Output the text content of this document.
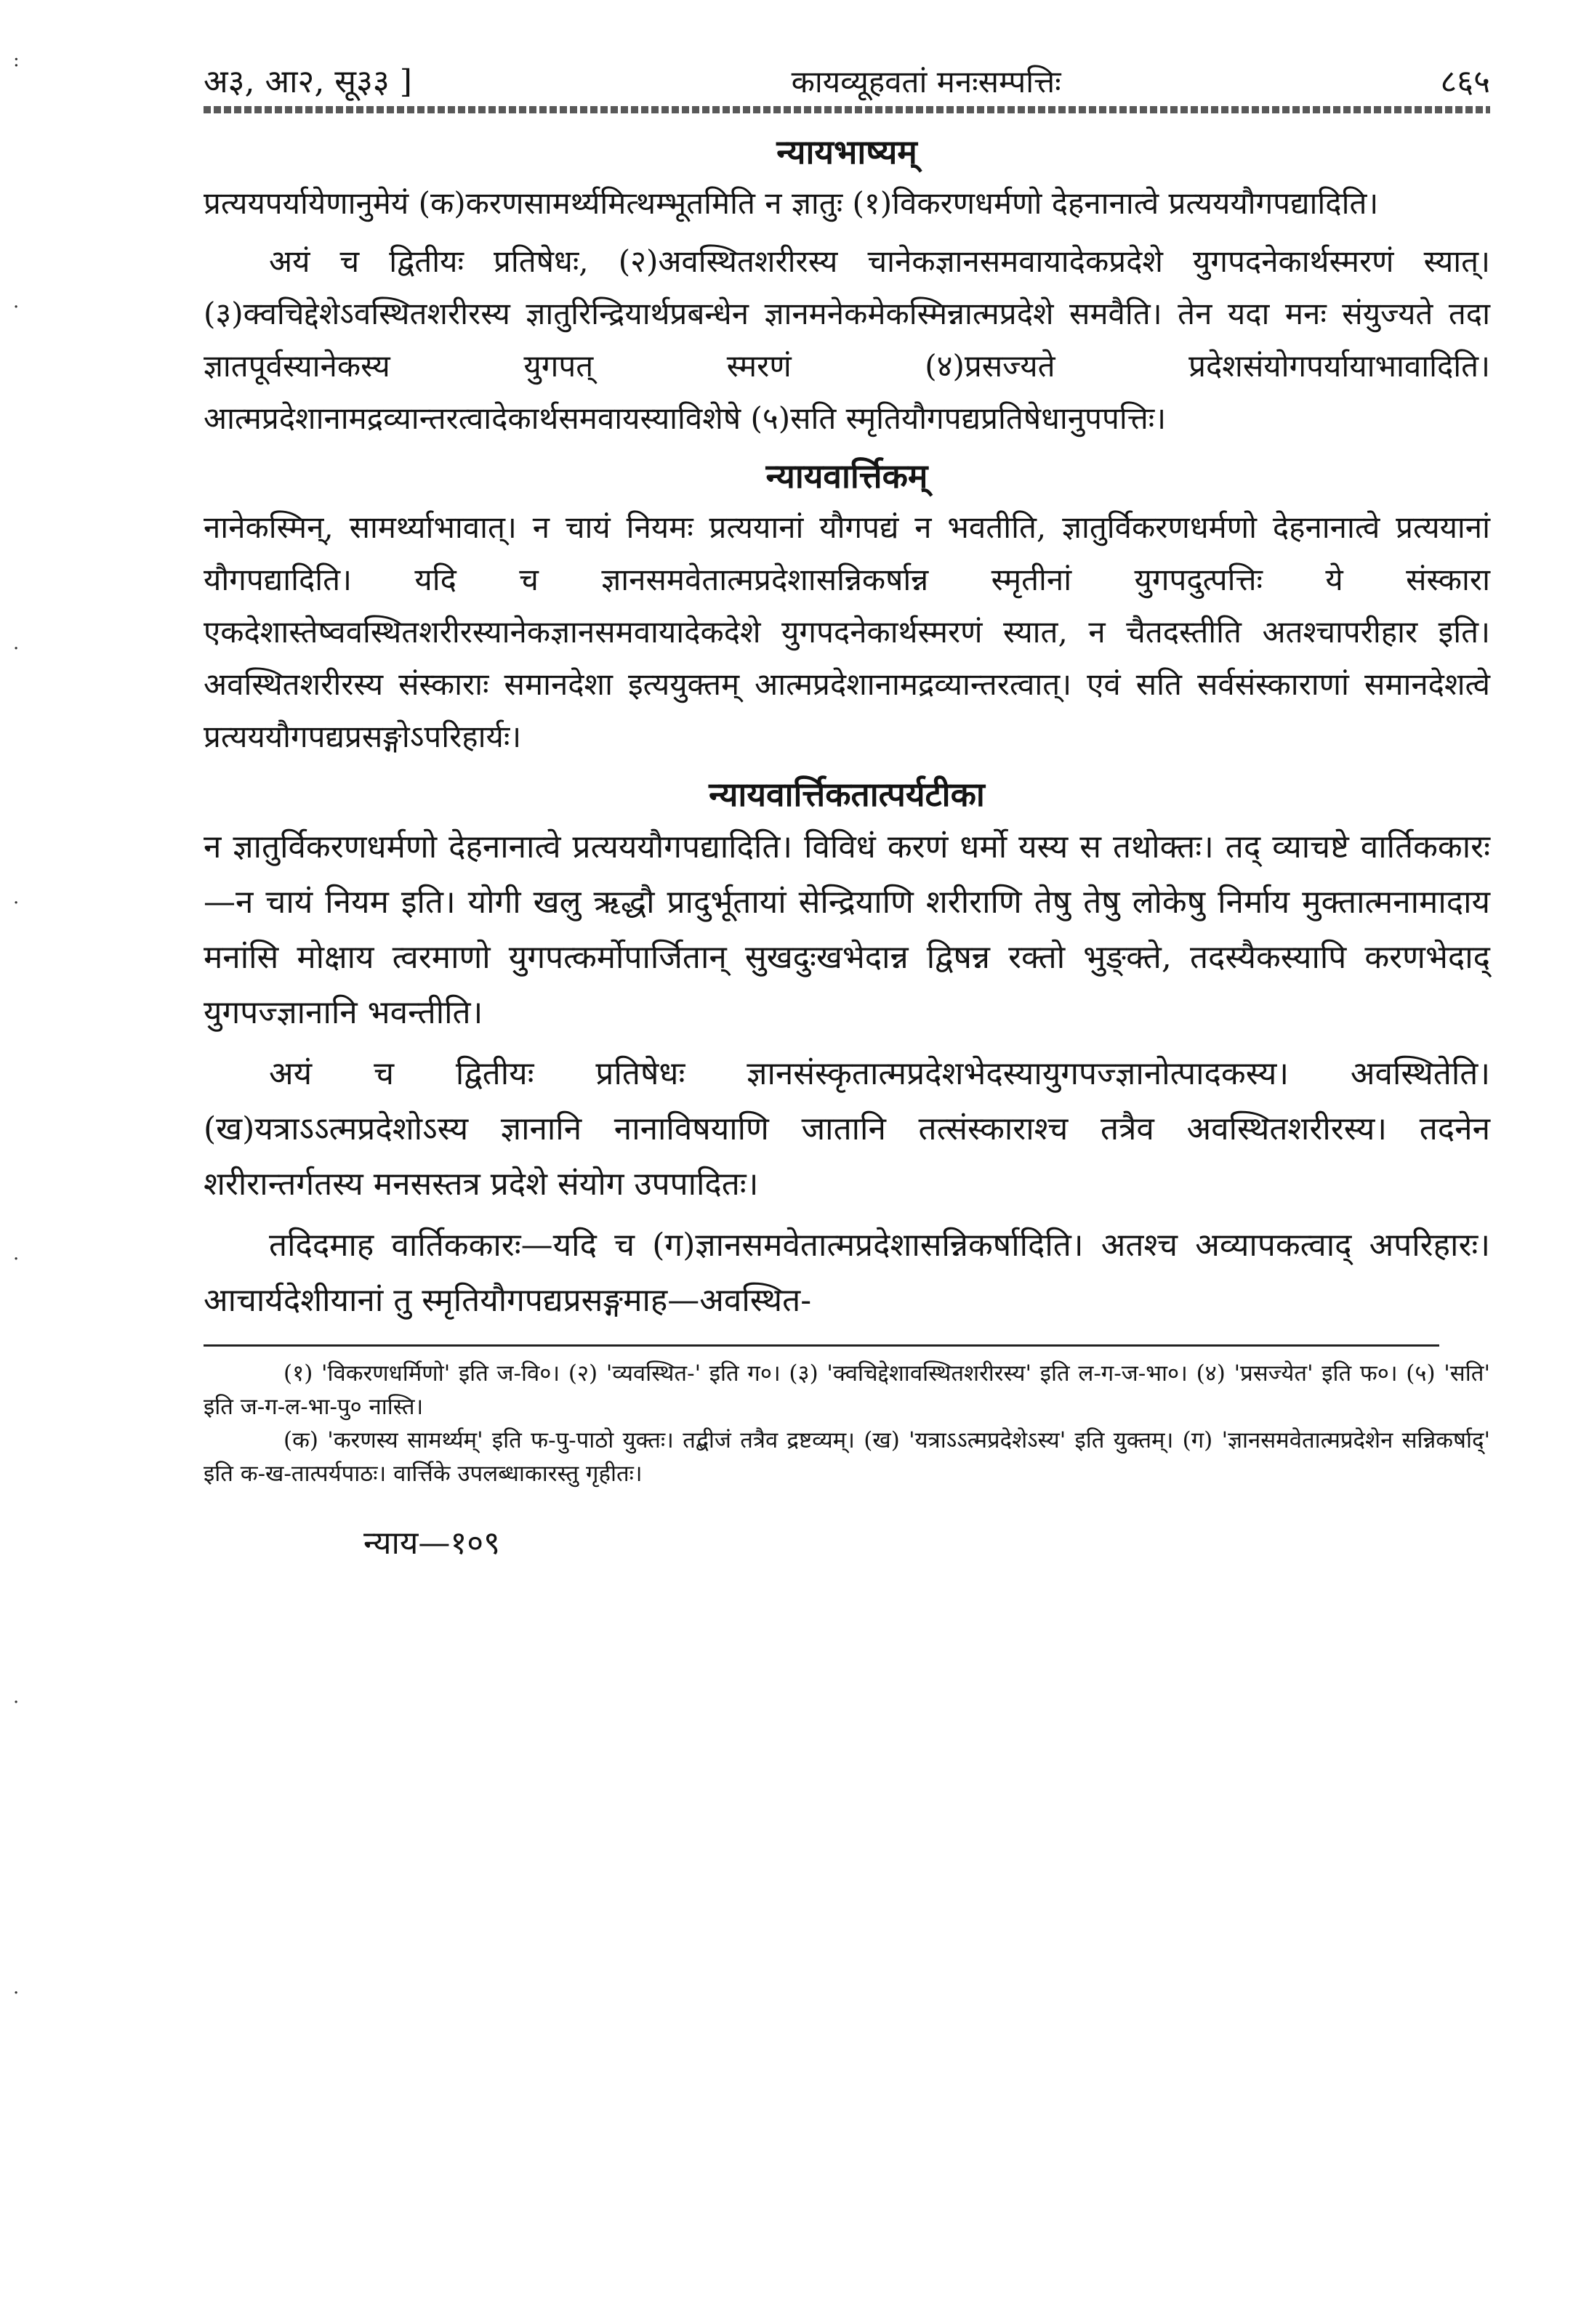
:
·
·
·
·
·
·
अ३, आ२, सू३३ ]	कायव्यूहवतां मनःसम्पत्तिः	८६५
न्यायभाष्यम्

प्रत्ययपर्यायेणानुमेयं (क)करणसामर्थ्यमित्थम्भूतमिति न ज्ञातुः (१)विकरणधर्मणो देहनानात्वे प्रत्यययौगपद्यादिति।

अयं च द्वितीयः प्रतिषेधः, (२)अवस्थितशरीरस्य चानेकज्ञानसमवायादेकप्रदेशे युगपदनेकार्थस्मरणं स्यात्। (३)क्वचिद्देशेऽवस्थितशरीरस्य ज्ञातुरिन्द्रियार्थप्रबन्धेन ज्ञानमनेकमेकस्मिन्नात्मप्रदेशे समवैति। तेन यदा मनः संयुज्यते तदा ज्ञातपूर्वस्यानेकस्य युगपत् स्मरणं (४)प्रसज्यते प्रदेशसंयोगपर्यायाभावादिति। आत्मप्रदेशानामद्रव्यान्तरत्वादेकार्थसमवायस्याविशेषे (५)सति स्मृतियौगपद्यप्रतिषेधानुपपत्तिः।

न्यायवार्त्तिकम्

नानेकस्मिन्, सामर्थ्याभावात्। न चायं नियमः प्रत्ययानां यौगपद्यं न भवतीति, ज्ञातुर्विकरणधर्मणो देहनानात्वे प्रत्ययानां यौगपद्यादिति। यदि च ज्ञानसमवेतात्मप्रदेशासन्निकर्षान्न स्मृतीनां युगपदुत्पत्तिः ये संस्कारा एकदेशास्तेष्ववस्थितशरीरस्यानेकज्ञानसमवायादेकदेशे युगपदनेकार्थस्मरणं स्यात, न चैतदस्तीति अतश्चापरीहार इति। अवस्थितशरीरस्य संस्काराः समानदेशा इत्ययुक्तम् आत्मप्रदेशानामद्रव्यान्तरत्वात्। एवं सति सर्वसंस्काराणां समानदेशत्वे प्रत्यययौगपद्यप्रसङ्गोऽपरिहार्यः।

न्यायवार्त्तिकतात्पर्यटीका

न ज्ञातुर्विकरणधर्मणो देहनानात्वे प्रत्यययौगपद्यादिति। विविधं करणं धर्मो यस्य स तथोक्तः। तद् व्याचष्टे वार्तिककारः—न चायं नियम इति। योगी खलु ऋद्धौ प्रादुर्भूतायां सेन्द्रियाणि शरीराणि तेषु तेषु लोकेषु निर्माय मुक्तात्मनामादाय मनांसि मोक्षाय त्वरमाणो युगपत्कर्मोपार्जितान् सुखदुःखभेदान्न द्विषन्न रक्तो भुङ्क्ते, तदस्यैकस्यापि करणभेदाद् युगपज्ज्ञानानि भवन्तीति।

अयं च द्वितीयः प्रतिषेधः ज्ञानसंस्कृतात्मप्रदेशभेदस्यायुगपज्ज्ञानोत्पादकस्य। अवस्थितेति। (ख)यत्राऽऽत्मप्रदेशोऽस्य ज्ञानानि नानाविषयाणि जातानि तत्संस्काराश्च तत्रैव अवस्थितशरीरस्य। तदनेन शरीरान्तर्गतस्य मनसस्तत्र प्रदेशे संयोग उपपादितः।

तदिदमाह वार्तिककारः—यदि च (ग)ज्ञानसमवेतात्मप्रदेशासन्निकर्षादिति। अतश्च अव्यापकत्वाद् अपरिहारः। आचार्यदेशीयानां तु स्मृतियौगपद्यप्रसङ्गमाह—अवस्थित-

(१) 'विकरणधर्मिणो' इति ज-वि०। (२) 'व्यवस्थित-' इति ग०। (३) 'क्वचिद्देशावस्थितशरीरस्य' इति ल-ग-ज-भा०। (४) 'प्रसज्येत' इति फ०। (५) 'सति' इति ज-ग-ल-भा-पु० नास्ति।

(क) 'करणस्य सामर्थ्यम्' इति फ-पु-पाठो युक्तः। तद्बीजं तत्रैव द्रष्टव्यम्। (ख) 'यत्राऽऽत्मप्रदेशेऽस्य' इति युक्तम्। (ग) 'ज्ञानसमवेतात्मप्रदेशेन सन्निकर्षाद्' इति क-ख-तात्पर्यपाठः। वार्त्तिके उपलब्धाकारस्तु गृहीतः।

न्याय—१०९
